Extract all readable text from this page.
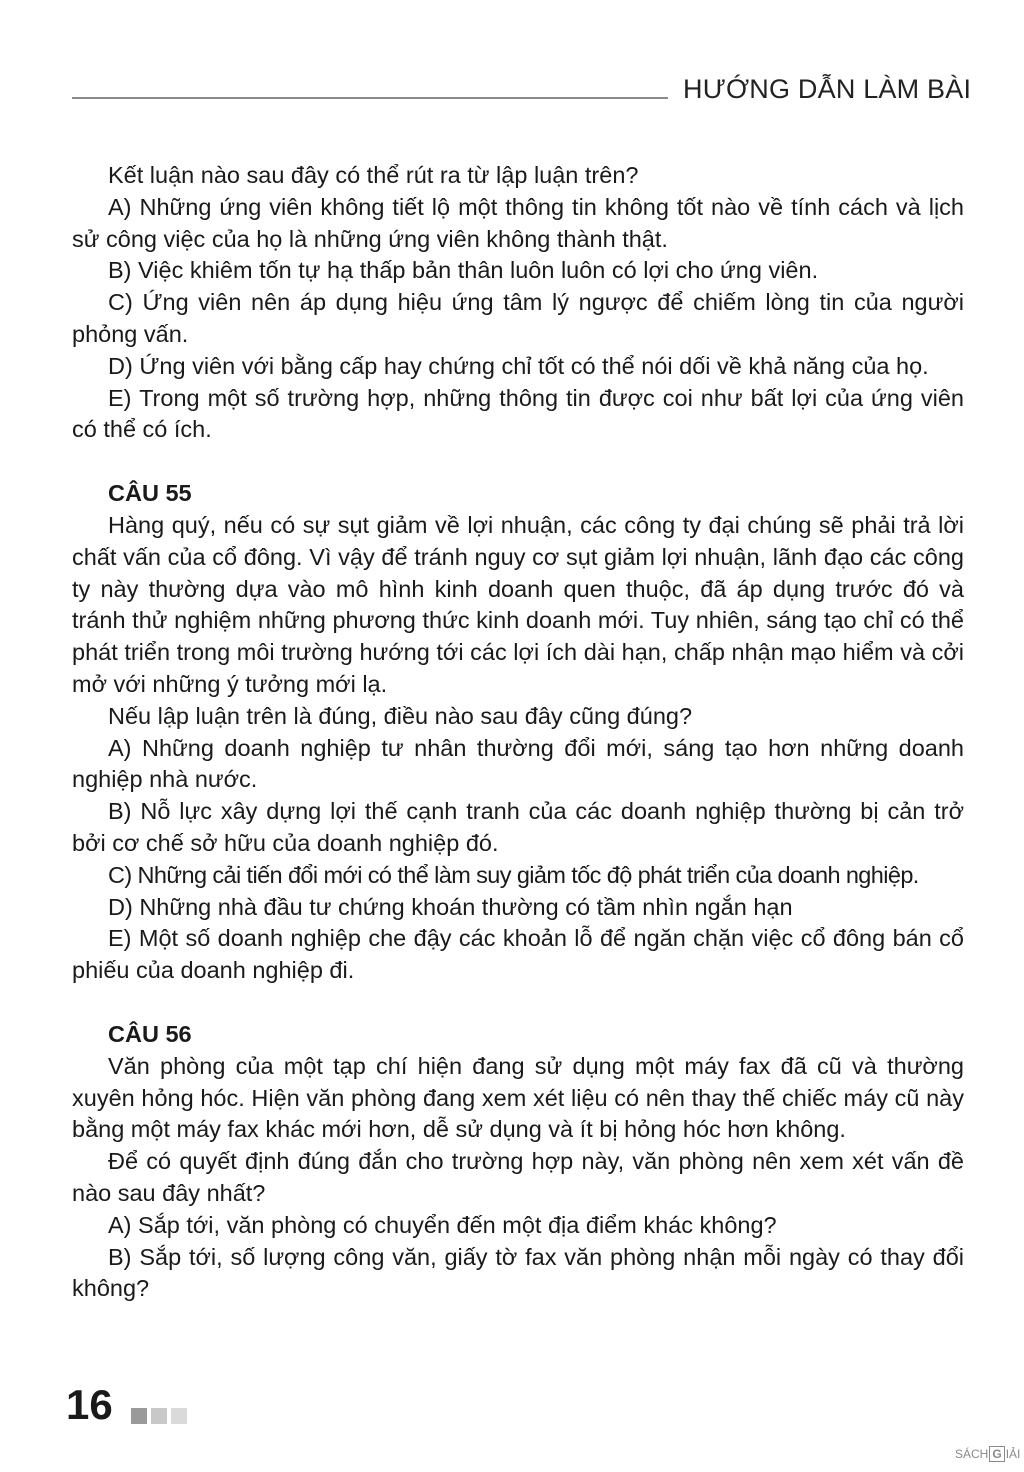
HƯỚNG DẪN LÀM BÀI

Kết luận nào sau đây có thể rút ra từ lập luận trên?

A) Những ứng viên không tiết lộ một thông tin không tốt nào về tính cách và lịch sử công việc của họ là những ứng viên không thành thật.

B) Việc khiêm tốn tự hạ thấp bản thân luôn luôn có lợi cho ứng viên.

C) Ứng viên nên áp dụng hiệu ứng tâm lý ngược để chiếm lòng tin của người phỏng vấn.

D) Ứng viên với bằng cấp hay chứng chỉ tốt có thể nói dối về khả năng của họ.

E) Trong một số trường hợp, những thông tin được coi như bất lợi của ứng viên có thể có ích.

CÂU 55

Hàng quý, nếu có sự sụt giảm về lợi nhuận, các công ty đại chúng sẽ phải trả lời chất vấn của cổ đông. Vì vậy để tránh nguy cơ sụt giảm lợi nhuận, lãnh đạo các công ty này thường dựa vào mô hình kinh doanh quen thuộc, đã áp dụng trước đó và tránh thử nghiệm những phương thức kinh doanh mới. Tuy nhiên, sáng tạo chỉ có thể phát triển trong môi trường hướng tới các lợi ích dài hạn, chấp nhận mạo hiểm và cởi mở với những ý tưởng mới lạ.

Nếu lập luận trên là đúng, điều nào sau đây cũng đúng?

A) Những doanh nghiệp tư nhân thường đổi mới, sáng tạo hơn những doanh nghiệp nhà nước.

B) Nỗ lực xây dựng lợi thế cạnh tranh của các doanh nghiệp thường bị cản trở bởi cơ chế sở hữu của doanh nghiệp đó.

C) Những cải tiến đổi mới có thể làm suy giảm tốc độ phát triển của doanh nghiệp.

D) Những nhà đầu tư chứng khoán thường có tầm nhìn ngắn hạn

E) Một số doanh nghiệp che đậy các khoản lỗ để ngăn chặn việc cổ đông bán cổ phiếu của doanh nghiệp đi.

CÂU 56

Văn phòng của một tạp chí hiện đang sử dụng một máy fax đã cũ và thường xuyên hỏng hóc. Hiện văn phòng đang xem xét liệu có nên thay thế chiếc máy cũ này bằng một máy fax khác mới hơn, dễ sử dụng và ít bị hỏng hóc hơn không.

Để có quyết định đúng đắn cho trường hợp này, văn phòng nên xem xét vấn đề nào sau đây nhất?

A) Sắp tới, văn phòng có chuyển đến một địa điểm khác không?

B) Sắp tới, số lượng công văn, giấy tờ fax văn phòng nhận mỗi ngày có thay đổi không?

16
SÁCH G IẢI
